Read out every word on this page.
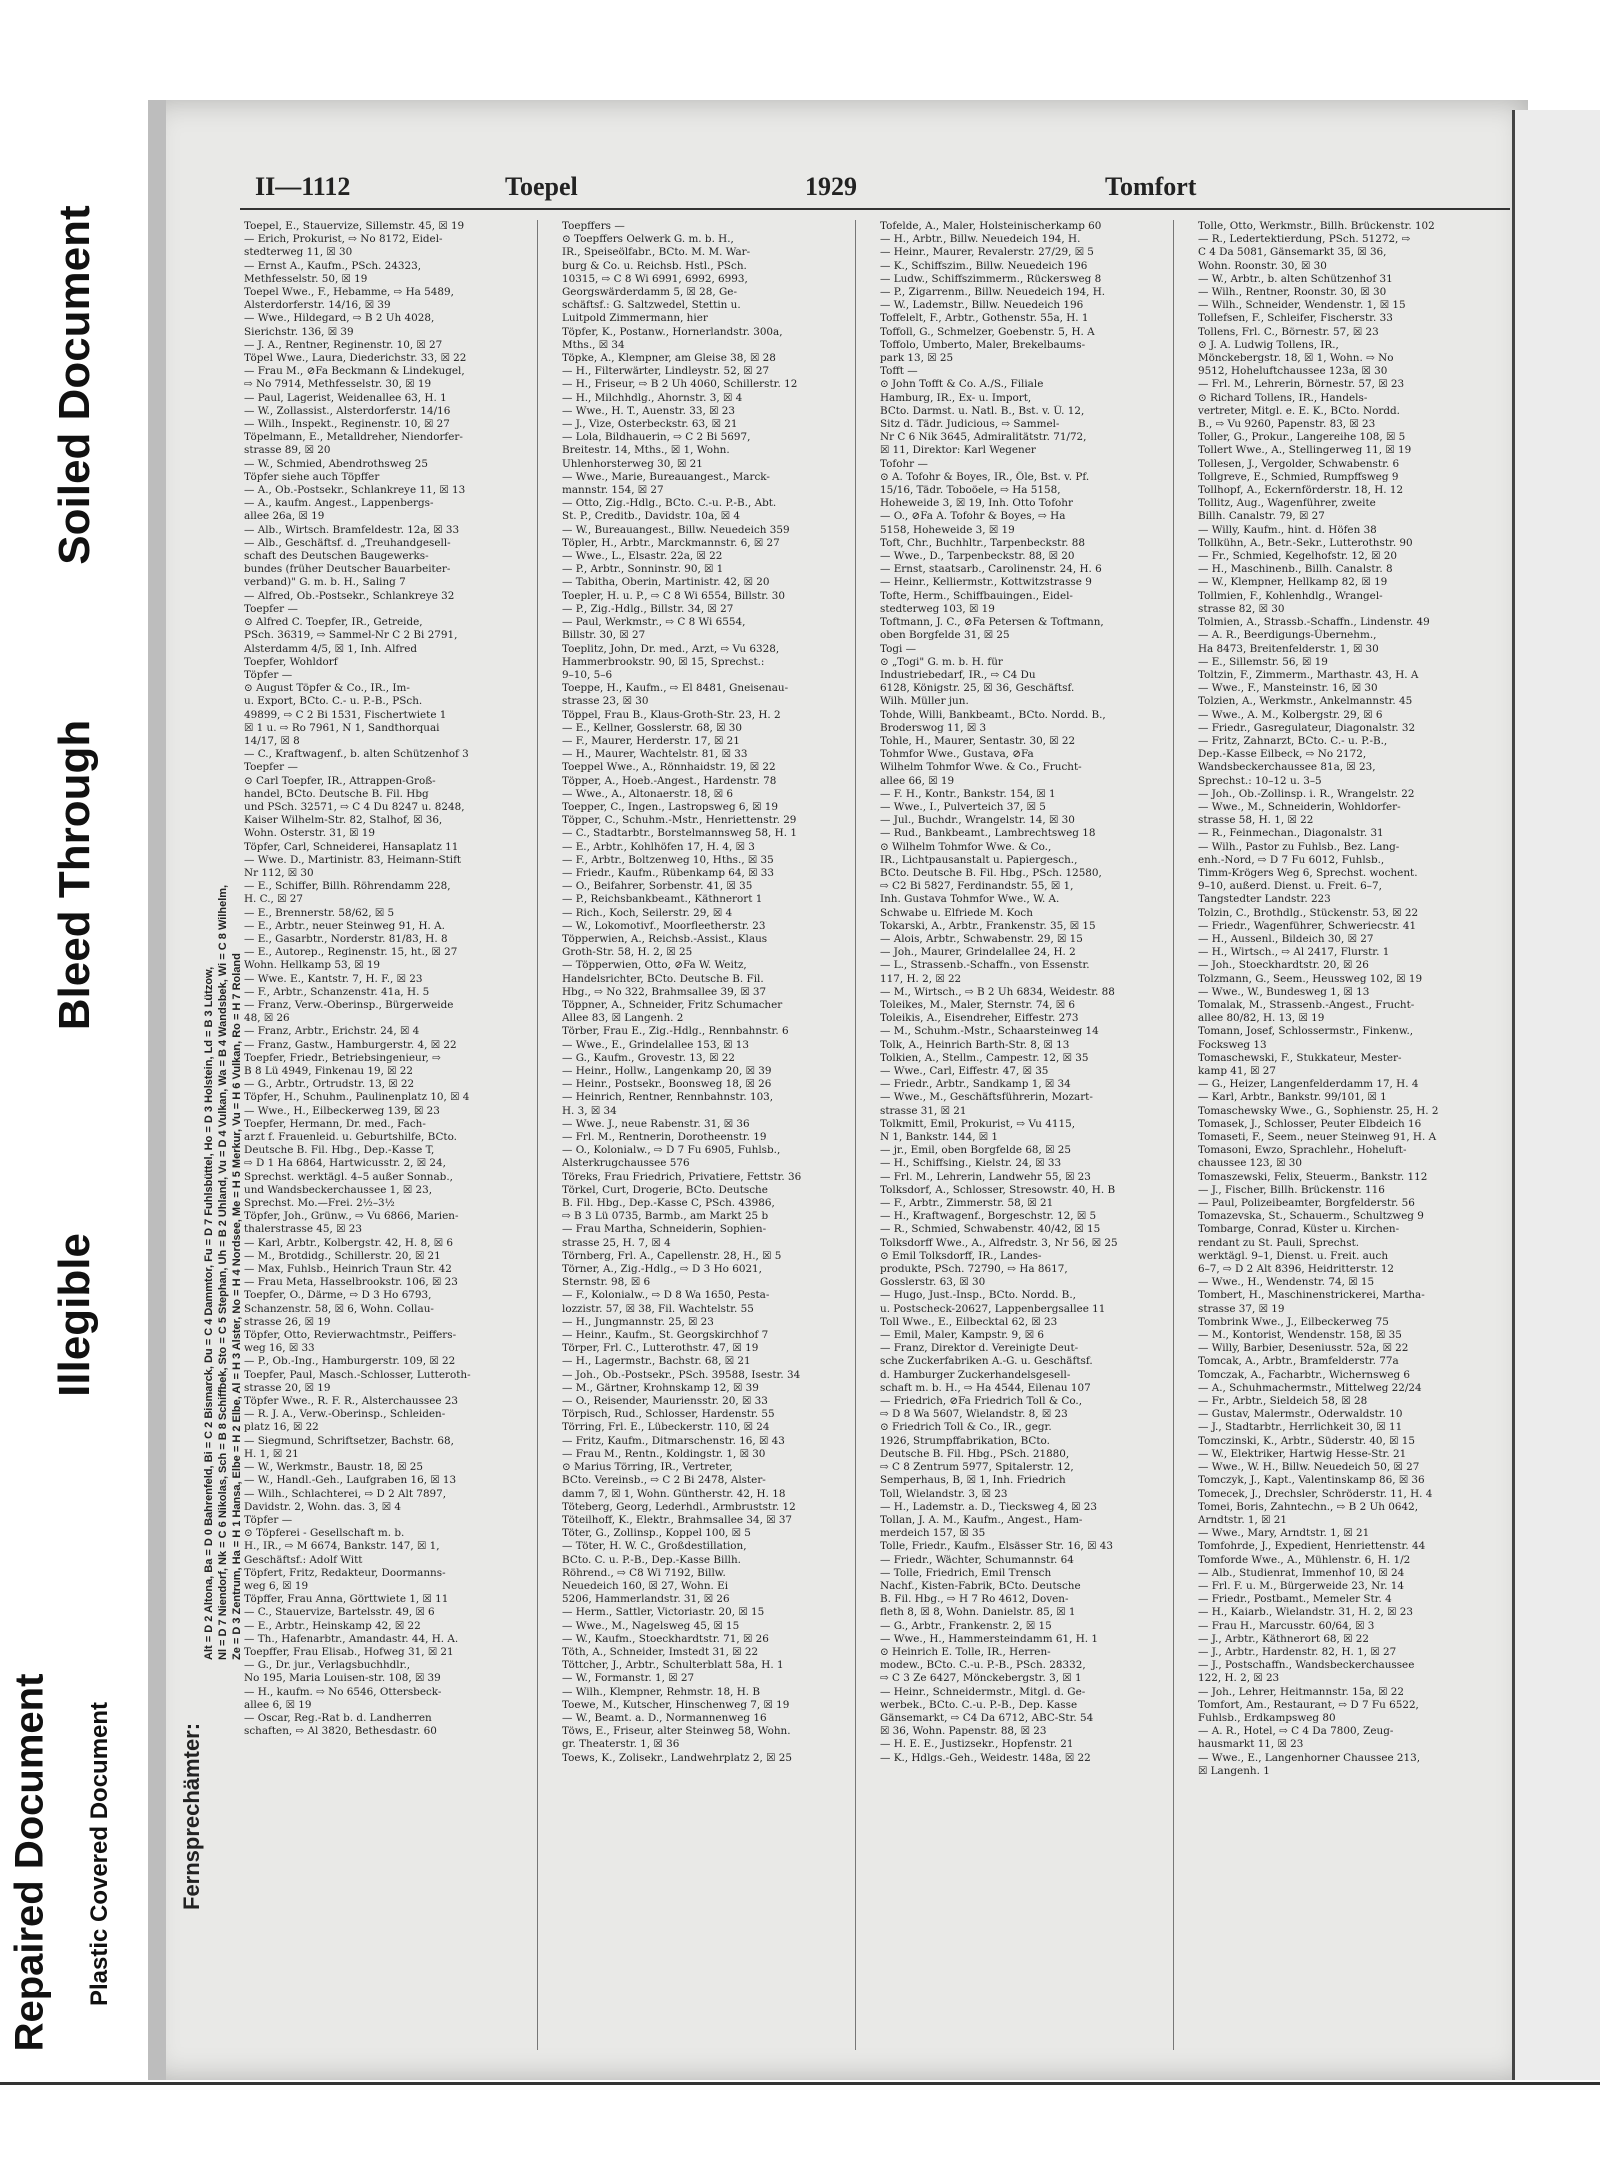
Soiled Document
Bleed Through
Illegible
Repaired Document Plastic Covered Document
II—1112	Toepel	1929	Tomfort
Fernsprechämter:
Alt = D 2 Altona, Ba = D 0 Bahrenfeld, Bi = C 2 Bismarck, Du = C 4 Dammtor, Fu = D 7 Fuhlsbüttel, Ho = D 3 Holstein, Ld = B 3 Lützow, Nl = D 7 Niendorf, Nk = C 6 Nikolas, Sch = B 8 Schiffbek, Sto = C 5 Stephan, Uh = B 2 Uhland, Vu = D 4 Vulkan, Wa = B 4 Wandsbek, Wi = C 8 Wilhelm, Ze = D 3 Zentrum, Ha = H 1 Hansa, Elbe = H 2 Elbe, Al = H 3 Alster, No = H 4 Nordsee, Me = H 5 Merkur, Vu = H 6 Vulkan, Ro = H 7 Roland

Toepel, E., Stauervize, Sillemstr. 45, ☒ 19

— Erich, Prokurist, ⇨ No 8172, Eidel-

stedterweg 11, ☒ 30

— Ernst A., Kaufm., PSch. 24323,

Methfesselstr. 50, ☒ 19

Toepel Wwe., F., Hebamme, ⇨ Ha 5489,

Alsterdorferstr. 14/16, ☒ 39

— Wwe., Hildegard, ⇨ B 2 Uh 4028,

Sierichstr. 136, ☒ 39

— J. A., Rentner, Reginenstr. 10, ☒ 27

Töpel Wwe., Laura, Diederichstr. 33, ☒ 22

— Frau M., ⊘Fa Beckmann & Lindekugel,

⇨ No 7914, Methfesselstr. 30, ☒ 19

— Paul, Lagerist, Weidenallee 63, H. 1

— W., Zollassist., Alsterdorferstr. 14/16

— Wilh., Inspekt., Reginenstr. 10, ☒ 27

Töpelmann, E., Metalldreher, Niendorfer-

strasse 89, ☒ 20

— W., Schmied, Abendrothsweg 25

Töpfer siehe auch Töpffer

— A., Ob.-Postsekr., Schlankreye 11, ☒ 13

— A., kaufm. Angest., Lappenbergs-

allee 26a, ☒ 19

— Alb., Wirtsch. Bramfeldestr. 12a, ☒ 33

— Alb., Geschäftsf. d. „Treuhandgesell-

schaft des Deutschen Baugewerks-

bundes (früher Deutscher Bauarbeiter-

verband)" G. m. b. H., Saling 7

— Alfred, Ob.-Postsekr., Schlankreye 32

Toepfer —

⊙ Alfred C. Toepfer, IR., Getreide,

PSch. 36319, ⇨ Sammel-Nr C 2 Bi 2791,

Alsterdamm 4/5, ☒ 1, Inh. Alfred

Toepfer, Wohldorf

Töpfer —

⊙ August Töpfer & Co., IR., Im-

u. Export, BCto. C.- u. P.-B., PSch.

49899, ⇨ C 2 Bi 1531, Fischertwiete 1

☒ 1 u. ⇨ Ro 7961, N 1, Sandthorquai

14/17, ☒ 8

— C., Kraftwagenf., b. alten Schützenhof 3

Toepfer —

⊙ Carl Toepfer, IR., Attrappen-Groß-

handel, BCto. Deutsche B. Fil. Hbg

und PSch. 32571, ⇨ C 4 Du 8247 u. 8248,

Kaiser Wilhelm-Str. 82, Stalhof, ☒ 36,

Wohn. Osterstr. 31, ☒ 19

Töpfer, Carl, Schneiderei, Hansaplatz 11

— Wwe. D., Martinistr. 83, Heimann-Stift

Nr 112, ☒ 30

— E., Schiffer, Billh. Röhrendamm 228,

H. C., ☒ 27

— E., Brennerstr. 58/62, ☒ 5

— E., Arbtr., neuer Steinweg 91, H. A.

— E., Gasarbtr., Norderstr. 81/83, H. 8

— E., Autorep., Reginenstr. 15, ht., ☒ 27

Wohn. Hellkamp 53, ☒ 19

— Wwe. E., Kantstr. 7, H. F., ☒ 23

— F., Arbtr., Schanzenstr. 41a, H. 5

— Franz, Verw.-Oberinsp., Bürgerweide

48, ☒ 26

— Franz, Arbtr., Erichstr. 24, ☒ 4

— Franz, Gastw., Hamburgerstr. 4, ☒ 22

Toepfer, Friedr., Betriebsingenieur, ⇨

B 8 Lü 4949, Finkenau 19, ☒ 22

— G., Arbtr., Ortrudstr. 13, ☒ 22

Töpfer, H., Schuhm., Paulinenplatz 10, ☒ 4

— Wwe., H., Eilbeckerweg 139, ☒ 23

Toepfer, Hermann, Dr. med., Fach-

arzt f. Frauenleid. u. Geburtshilfe, BCto.

Deutsche B. Fil. Hbg., Dep.-Kasse T,

⇨ D 1 Ha 6864, Hartwicusstr. 2, ☒ 24,

Sprechst. werktägl. 4–5 außer Sonnab.,

und Wandsbeckerchaussee 1, ☒ 23,

Sprechst. Mo.—Frei. 2½–3½

Töpfer, Joh., Grünw., ⇨ Vu 6866, Marien-

thalerstrasse 45, ☒ 23

— Karl, Arbtr., Kolbergstr. 42, H. 8, ☒ 6

— M., Brotdidg., Schillerstr. 20, ☒ 21

— Max, Fuhlsb., Heinrich Traun Str. 42

— Frau Meta, Hasselbrookstr. 106, ☒ 23

Toepfer, O., Därme, ⇨ D 3 Ho 6793,

Schanzenstr. 58, ☒ 6, Wohn. Collau-

strasse 26, ☒ 19

Töpfer, Otto, Revierwachtmstr., Peiffers-

weg 16, ☒ 33

— P., Ob.-Ing., Hamburgerstr. 109, ☒ 22

Toepfer, Paul, Masch.-Schlosser, Lutteroth-

strasse 20, ☒ 19

Töpfer Wwe., R. F. R., Alsterchaussee 23

— R. J. A., Verw.-Oberinsp., Schleiden-

platz 16, ☒ 22

— Siegmund, Schriftsetzer, Bachstr. 68,

H. 1, ☒ 21

— W., Werkmstr., Baustr. 18, ☒ 25

— W., Handl.-Geh., Laufgraben 16, ☒ 13

— Wilh., Schlachterei, ⇨ D 2 Alt 7897,

Davidstr. 2, Wohn. das. 3, ☒ 4

Töpfer —

⊙ Töpferei - Gesellschaft m. b.

H., IR., ⇨ M 6674, Bankstr. 147, ☒ 1,

Geschäftsf.: Adolf Witt

Töpfert, Fritz, Redakteur, Doormanns-

weg 6, ☒ 19

Töpffer, Frau Anna, Görttwiete 1, ☒ 11

— C., Stauervize, Bartelsstr. 49, ☒ 6

— E., Arbtr., Heinskamp 42, ☒ 22

— Th., Hafenarbtr., Amandastr. 44, H. A.

Toepffer, Frau Elisab., Hofweg 31, ☒ 21

— G., Dr. jur., Verlagsbuchhdlr.,

No 195, Maria Louisen-str. 108, ☒ 39

— H., kaufm. ⇨ No 6546, Ottersbeck-

allee 6, ☒ 19

— Oscar, Reg.-Rat b. d. Landherren

schaften, ⇨ Al 3820, Bethesdastr. 60

Toepffers —

⊙ Toepffers Oelwerk G. m. b. H.,

IR., Speiseölfabr., BCto. M. M. War-

burg & Co. u. Reichsb. Hstl., PSch.

10315, ⇨ C 8 Wi 6991, 6992, 6993,

Georgswärderdamm 5, ☒ 28, Ge-

schäftsf.: G. Saltzwedel, Stettin u.

Luitpold Zimmermann, hier

Töpfer, K., Postanw., Hornerlandstr. 300a,

Mths., ☒ 34

Töpke, A., Klempner, am Gleise 38, ☒ 28

— H., Filterwärter, Lindleystr. 52, ☒ 27

— H., Friseur, ⇨ B 2 Uh 4060, Schillerstr. 12

— H., Milchhdlg., Ahornstr. 3, ☒ 4

— Wwe., H. T., Auenstr. 33, ☒ 23

— J., Vize, Osterbeckstr. 63, ☒ 21

— Lola, Bildhauerin, ⇨ C 2 Bi 5697,

Breitestr. 14, Mths., ☒ 1, Wohn.

Uhlenhorsterweg 30, ☒ 21

— Wwe., Marie, Bureauangest., Marck-

mannstr. 154, ☒ 27

— Otto, Zig.-Hdlg., BCto. C.-u. P.-B., Abt.

St. P., Creditb., Davidstr. 10a, ☒ 4

— W., Bureauangest., Billw. Neuedeich 359

Töpler, H., Arbtr., Marckmannstr. 6, ☒ 27

— Wwe., L., Elsastr. 22a, ☒ 22

— P., Arbtr., Sonninstr. 90, ☒ 1

— Tabitha, Oberin, Martinistr. 42, ☒ 20

Toepler, H. u. P., ⇨ C 8 Wi 6554, Billstr. 30

— P., Zig.-Hdlg., Billstr. 34, ☒ 27

— Paul, Werkmstr., ⇨ C 8 Wi 6554,

Billstr. 30, ☒ 27

Toeplitz, John, Dr. med., Arzt, ⇨ Vu 6328,

Hammerbrookstr. 90, ☒ 15, Sprechst.:

9–10, 5–6

Toeppe, H., Kaufm., ⇨ El 8481, Gneisenau-

strasse 23, ☒ 30

Töppel, Frau B., Klaus-Groth-Str. 23, H. 2

— E., Kellner, Gosslerstr. 68, ☒ 30

— F., Maurer, Herderstr. 17, ☒ 21

— H., Maurer, Wachtelstr. 81, ☒ 33

Toeppel Wwe., A., Rönnhaidstr. 19, ☒ 22

Töpper, A., Hoeb.-Angest., Hardenstr. 78

— Wwe., A., Altonaerstr. 18, ☒ 6

Toepper, C., Ingen., Lastropsweg 6, ☒ 19

Töpper, C., Schuhm.-Mstr., Henriettenstr. 29

— C., Stadtarbtr., Borstelmannsweg 58, H. 1

— E., Arbtr., Kohlhöfen 17, H. 4, ☒ 3

— F., Arbtr., Boltzenweg 10, Hths., ☒ 35

— Friedr., Kaufm., Rübenkamp 64, ☒ 33

— O., Beifahrer, Sorbenstr. 41, ☒ 35

— P., Reichsbankbeamt., Käthnerort 1

— Rich., Koch, Seilerstr. 29, ☒ 4

— W., Lokomotivf., Moorfleetherstr. 23

Töpperwien, A., Reichsb.-Assist., Klaus

Groth-Str. 58, H. 2, ☒ 25

— Töpperwien, Otto, ⊘Fa W. Weitz,

Handelsrichter, BCto. Deutsche B. Fil.

Hbg., ⇨ No 322, Brahmsallee 39, ☒ 37

Töppner, A., Schneider, Fritz Schumacher

Allee 83, ☒ Langenh. 2

Törber, Frau E., Zig.-Hdlg., Rennbahnstr. 6

— Wwe., E., Grindelallee 153, ☒ 13

— G., Kaufm., Grovestr. 13, ☒ 22

— Heinr., Hollw., Langenkamp 20, ☒ 39

— Heinr., Postsekr., Boonsweg 18, ☒ 26

— Heinrich, Rentner, Rennbahnstr. 103,

H. 3, ☒ 34

— Wwe. J., neue Rabenstr. 31, ☒ 36

— Frl. M., Rentnerin, Dorotheenstr. 19

— O., Kolonialw., ⇨ D 7 Fu 6905, Fuhlsb.,

Alsterkrugchaussee 576

Töreks, Frau Friedrich, Privatiere, Fettstr. 36

Törkel, Curt, Drogerie, BCto. Deutsche

B. Fil. Hbg., Dep.-Kasse C, PSch. 43986,

⇨ B 3 Lü 0735, Barmb., am Markt 25 b

— Frau Martha, Schneiderin, Sophien-

strasse 25, H. 7, ☒ 4

Törnberg, Frl. A., Capellenstr. 28, H., ☒ 5

Törner, A., Zig.-Hdlg., ⇨ D 3 Ho 6021,

Sternstr. 98, ☒ 6

— F., Kolonialw., ⇨ D 8 Wa 1650, Pesta-

lozzistr. 57, ☒ 38, Fil. Wachtelstr. 55

— H., Jungmannstr. 25, ☒ 23

— Heinr., Kaufm., St. Georgskirchhof 7

Törper, Frl. C., Lutterothstr. 47, ☒ 19

— H., Lagermstr., Bachstr. 68, ☒ 21

— Joh., Ob.-Postsekr., PSch. 39588, Isestr. 34

— M., Gärtner, Krohnskamp 12, ☒ 39

— O., Reisender, Mauriensstr. 20, ☒ 33

Törpisch, Rud., Schlosser, Hardenstr. 55

Törring, Frl. E., Lübeckerstr. 110, ☒ 24

— Fritz, Kaufm., Ditmarschenstr. 16, ☒ 43

— Frau M., Rentn., Koldingstr. 1, ☒ 30

⊙ Marius Törring, IR., Vertreter,

BCto. Vereinsb., ⇨ C 2 Bi 2478, Alster-

damm 7, ☒ 1, Wohn. Güntherstr. 42, H. 18

Töteberg, Georg, Lederhdl., Armbruststr. 12

Töteilhoff, K., Elektr., Brahmsallee 34, ☒ 37

Töter, G., Zollinsp., Koppel 100, ☒ 5

— Töter, H. W. C., Großdestillation,

BCto. C. u. P.-B., Dep.-Kasse Billh.

Röhrend., ⇨ C8 Wi 7192, Billw.

Neuedeich 160, ☒ 27, Wohn. Ei

5206, Hammerlandstr. 31, ☒ 26

— Herm., Sattler, Victoriastr. 20, ☒ 15

— Wwe., M., Nagelsweg 45, ☒ 15

— W., Kaufm., Stoeckhardtstr. 71, ☒ 26

Töth, A., Schneider, Imstedt 31, ☒ 22

Töttcher, J., Arbtr., Schulterblatt 58a, H. 1

— W., Formanstr. 1, ☒ 27

— Wilh., Klempner, Rehmstr. 18, H. B

Toewe, M., Kutscher, Hinschenweg 7, ☒ 19

— W., Beamt. a. D., Normannenweg 16

Töws, E., Friseur, alter Steinweg 58, Wohn.

gr. Theaterstr. 1, ☒ 36

Toews, K., Zolisekr., Landwehrplatz 2, ☒ 25

Tofelde, A., Maler, Holsteinischerkamp 60

— H., Arbtr., Billw. Neuedeich 194, H.

— Heinr., Maurer, Revalerstr. 27/29, ☒ 5

— K., Schiffszim., Billw. Neuedeich 196

— Ludw., Schiffszimmerm., Rückersweg 8

— P., Zigarrenm., Billw. Neuedeich 194, H.

— W., Lademstr., Billw. Neuedeich 196

Toffelelt, F., Arbtr., Gothenstr. 55a, H. 1

Toffoll, G., Schmelzer, Goebenstr. 5, H. A

Toffolo, Umberto, Maler, Brekelbaums-

park 13, ☒ 25

Tofft —

⊙ John Tofft & Co. A./S., Filiale

Hamburg, IR., Ex- u. Import,

BCto. Darmst. u. Natl. B., Bst. v. Ü. 12,

Sitz d. Tädr. Judicious, ⇨ Sammel-

Nr C 6 Nik 3645, Admiralitätstr. 71/72,

☒ 11, Direktor: Karl Wegener

Tofohr —

⊙ A. Tofohr & Boyes, IR., Öle, Bst. v. Pf.

15/16, Tädr. Toboöele, ⇨ Ha 5158,

Hoheweide 3, ☒ 19, Inh. Otto Tofohr

— O., ⊘Fa A. Tofohr & Boyes, ⇨ Ha

5158, Hoheweide 3, ☒ 19

Toft, Chr., Buchhltr., Tarpenbeckstr. 88

— Wwe., D., Tarpenbeckstr. 88, ☒ 20

— Ernst, staatsarb., Carolinenstr. 24, H. 6

— Heinr., Kelliermstr., Kottwitzstrasse 9

Tofte, Herm., Schiffbauingen., Eidel-

stedterweg 103, ☒ 19

Toftmann, J. C., ⊘Fa Petersen & Toftmann,

oben Borgfelde 31, ☒ 25

Togi —

⊙ „Togi" G. m. b. H. für

Industriebedarf, IR., ⇨ C4 Du

6128, Königstr. 25, ☒ 36, Geschäftsf.

Wilh. Müller jun.

Tohde, Willi, Bankbeamt., BCto. Nordd. B.,

Broderswog 11, ☒ 3

Tohle, H., Maurer, Sentastr. 30, ☒ 22

Tohmfor Wwe., Gustava, ⊘Fa

Wilhelm Tohmfor Wwe. & Co., Frucht-

allee 66, ☒ 19

— F. H., Kontr., Bankstr. 154, ☒ 1

— Wwe., I., Pulverteich 37, ☒ 5

— Jul., Buchdr., Wrangelstr. 14, ☒ 30

— Rud., Bankbeamt., Lambrechtsweg 18

⊙ Wilhelm Tohmfor Wwe. & Co.,

IR., Lichtpausanstalt u. Papiergesch.,

BCto. Deutsche B. Fil. Hbg., PSch. 12580,

⇨ C2 Bi 5827, Ferdinandstr. 55, ☒ 1,

Inh. Gustava Tohmfor Wwe., W. A.

Schwabe u. Elfriede M. Koch

Tokarski, A., Arbtr., Frankenstr. 35, ☒ 15

— Alois, Arbtr., Schwabenstr. 29, ☒ 15

— Joh., Maurer, Grindelallee 24, H. 2

— L., Strassenb.-Schaffn., von Essenstr.

117, H. 2, ☒ 22

— M., Wirtsch., ⇨ B 2 Uh 6834, Weidestr. 88

Toleikes, M., Maler, Sternstr. 74, ☒ 6

Toleikis, A., Eisendreher, Eiffestr. 273

— M., Schuhm.-Mstr., Schaarsteinweg 14

Tolk, A., Heinrich Barth-Str. 8, ☒ 13

Tolkien, A., Stellm., Campestr. 12, ☒ 35

— Wwe., Carl, Eiffestr. 47, ☒ 35

— Friedr., Arbtr., Sandkamp 1, ☒ 34

— Wwe., M., Geschäftsführerin, Mozart-

strasse 31, ☒ 21

Tolkmitt, Emil, Prokurist, ⇨ Vu 4115,

N 1, Bankstr. 144, ☒ 1

— jr., Emil, oben Borgfelde 68, ☒ 25

— H., Schiffsing., Kielstr. 24, ☒ 33

— Frl. M., Lehrerin, Landwehr 55, ☒ 23

Tolksdorf, A., Schlosser, Stresowstr. 40, H. B

— F., Arbtr., Zimmerstr. 58, ☒ 21

— H., Kraftwagenf., Borgeschstr. 12, ☒ 5

— R., Schmied, Schwabenstr. 40/42, ☒ 15

Tolksdorff Wwe., A., Alfredstr. 3, Nr 56, ☒ 25

⊙ Emil Tolksdorff, IR., Landes-

produkte, PSch. 72790, ⇨ Ha 8617,

Gosslerstr. 63, ☒ 30

— Hugo, Just.-Insp., BCto. Nordd. B.,

u. Postscheck-20627, Lappenbergsallee 11

Toll Wwe., E., Eilbecktal 62, ☒ 23

— Emil, Maler, Kampstr. 9, ☒ 6

— Franz, Direktor d. Vereinigte Deut-

sche Zuckerfabriken A.-G. u. Geschäftsf.

d. Hamburger Zuckerhandelsgesell-

schaft m. b. H., ⇨ Ha 4544, Eilenau 107

— Friedrich, ⊘Fa Friedrich Toll & Co.,

⇨ D 8 Wa 5607, Wielandstr. 8, ☒ 23

⊙ Friedrich Toll & Co., IR., gegr.

1926, Strumpffabrikation, BCto.

Deutsche B. Fil. Hbg., PSch. 21880,

⇨ C 8 Zentrum 5977, Spitalerstr. 12,

Semperhaus, B, ☒ 1, Inh. Friedrich

Toll, Wielandstr. 3, ☒ 23

— H., Lademstr. a. D., Tiecksweg 4, ☒ 23

Tollan, J. A. M., Kaufm., Angest., Ham-

merdeich 157, ☒ 35

Tolle, Friedr., Kaufm., Elsässer Str. 16, ☒ 43

— Friedr., Wächter, Schumannstr. 64

— Tolle, Friedrich, Emil Trensch

Nachf., Kisten-Fabrik, BCto. Deutsche

B. Fil. Hbg., ⇨ H 7 Ro 4612, Doven-

fleth 8, ☒ 8, Wohn. Danielstr. 85, ☒ 1

— G., Arbtr., Frankenstr. 2, ☒ 15

— Wwe., H., Hammersteindamm 61, H. 1

⊙ Heinrich E. Tolle, IR., Herren-

modew., BCto. C.-u. P.-B., PSch. 28332,

⇨ C 3 Ze 6427, Mönckebergstr. 3, ☒ 1

— Heinr., Schneidermstr., Mitgl. d. Ge-

werbek., BCto. C.-u. P.-B., Dep. Kasse

Gänsemarkt, ⇨ C4 Da 6712, ABC-Str. 54

☒ 36, Wohn. Papenstr. 88, ☒ 23

— H. E. E., Justizsekr., Hopfenstr. 21

— K., Hdlgs.-Geh., Weidestr. 148a, ☒ 22

Tolle, Otto, Werkmstr., Billh. Brückenstr. 102

— R., Ledertektierdung, PSch. 51272, ⇨

C 4 Da 5081, Gänsemarkt 35, ☒ 36,

Wohn. Roonstr. 30, ☒ 30

— W., Arbtr., b. alten Schützenhof 31

— Wilh., Rentner, Roonstr. 30, ☒ 30

— Wilh., Schneider, Wendenstr. 1, ☒ 15

Tollefsen, F., Schleifer, Fischerstr. 33

Tollens, Frl. C., Börnestr. 57, ☒ 23

⊙ J. A. Ludwig Tollens, IR.,

Mönckebergstr. 18, ☒ 1, Wohn. ⇨ No

9512, Hoheluftchaussee 123a, ☒ 30

— Frl. M., Lehrerin, Börnestr. 57, ☒ 23

⊙ Richard Tollens, IR., Handels-

vertreter, Mitgl. e. E. K., BCto. Nordd.

B., ⇨ Vu 9260, Papenstr. 83, ☒ 23

Toller, G., Prokur., Langereihe 108, ☒ 5

Tollert Wwe., A., Stellingerweg 11, ☒ 19

Tollesen, J., Vergolder, Schwabenstr. 6

Tollgreve, E., Schmied, Rumpffsweg 9

Tollhopf, A., Eckernförderstr. 18, H. 12

Tollitz, Aug., Wagenführer, zweite

Billh. Canalstr. 79, ☒ 27

— Willy, Kaufm., hint. d. Höfen 38

Tollkühn, A., Betr.-Sekr., Lutterothstr. 90

— Fr., Schmied, Kegelhofstr. 12, ☒ 20

— H., Maschinenb., Billh. Canalstr. 8

— W., Klempner, Hellkamp 82, ☒ 19

Tollmien, F., Kohlenhdlg., Wrangel-

strasse 82, ☒ 30

Tolmien, A., Strassb.-Schaffn., Lindenstr. 49

— A. R., Beerdigungs-Übernehm.,

Ha 8473, Breitenfelderstr. 1, ☒ 30

— E., Sillemstr. 56, ☒ 19

Toltzin, F., Zimmerm., Marthastr. 43, H. A

— Wwe., F., Mansteinstr. 16, ☒ 30

Tolzien, A., Werkmstr., Ankelmannstr. 45

— Wwe., A. M., Kolbergstr. 29, ☒ 6

— Friedr., Gasregulateur, Diagonalstr. 32

— Fritz, Zahnarzt, BCto. C.- u. P.-B.,

Dep.-Kasse Eilbeck, ⇨ No 2172,

Wandsbeckerchaussee 81a, ☒ 23,

Sprechst.: 10–12 u. 3–5

— Joh., Ob.-Zollinsp. i. R., Wrangelstr. 22

— Wwe., M., Schneiderin, Wohldorfer-

strasse 58, H. 1, ☒ 22

— R., Feinmechan., Diagonalstr. 31

— Wilh., Pastor zu Fuhlsb., Bez. Lang-

enh.-Nord, ⇨ D 7 Fu 6012, Fuhlsb.,

Timm-Krögers Weg 6, Sprechst. wochent.

9–10, außerd. Dienst. u. Freit. 6–7,

Tangstedter Landstr. 223

Tolzin, C., Brothdlg., Stückenstr. 53, ☒ 22

— Friedr., Wagenführer, Schweriecstr. 41

— H., Aussenl., Bildeich 30, ☒ 27

— H., Wirtsch., ⇨ Al 2417, Flurstr. 1

— Joh., Stoeckhardtstr. 20, ☒ 26

Tolzmann, G., Seem., Heussweg 102, ☒ 19

— Wwe., W., Bundesweg 1, ☒ 13

Tomalak, M., Strassenb.-Angest., Frucht-

allee 80/82, H. 13, ☒ 19

Tomann, Josef, Schlossermstr., Finkenw.,

Focksweg 13

Tomaschewski, F., Stukkateur, Mester-

kamp 41, ☒ 27

— G., Heizer, Langenfelderdamm 17, H. 4

— Karl, Arbtr., Bankstr. 99/101, ☒ 1

Tomaschewsky Wwe., G., Sophienstr. 25, H. 2

Tomasek, J., Schlosser, Peuter Elbdeich 16

Tomaseti, F., Seem., neuer Steinweg 91, H. A

Tomasoni, Ewzo, Sprachlehr., Hoheluft-

chaussee 123, ☒ 30

Tomaszewski, Felix, Steuerm., Bankstr. 112

— J., Fischer, Billh. Brückenstr. 116

— Paul, Polizeibeamter, Borgfelderstr. 56

Tomazevska, St., Schauerm., Schultzweg 9

Tombarge, Conrad, Küster u. Kirchen-

rendant zu St. Pauli, Sprechst.

werktägl. 9–1, Dienst. u. Freit. auch

6–7, ⇨ D 2 Alt 8396, Heidritterstr. 12

— Wwe., H., Wendenstr. 74, ☒ 15

Tombert, H., Maschinenstrickerei, Martha-

strasse 37, ☒ 19

Tombrink Wwe., J., Eilbeckerweg 75

— M., Kontorist, Wendenstr. 158, ☒ 35

— Willy, Barbier, Deseniusstr. 52a, ☒ 22

Tomcak, A., Arbtr., Bramfelderstr. 77a

Tomczak, A., Facharbtr., Wichernsweg 6

— A., Schuhmachermstr., Mittelweg 22/24

— Fr., Arbtr., Sieldeich 58, ☒ 28

— Gustav, Malermstr., Oderwaldstr. 10

— J., Stadtarbtr., Herrlichkeit 30, ☒ 11

Tomczinski, K., Arbtr., Süderstr. 40, ☒ 15

— W., Elektriker, Hartwig Hesse-Str. 21

— Wwe., W. H., Billw. Neuedeich 50, ☒ 27

Tomczyk, J., Kapt., Valentinskamp 86, ☒ 36

Tomecek, J., Drechsler, Schröderstr. 11, H. 4

Tomei, Boris, Zahntechn., ⇨ B 2 Uh 0642,

Arndtstr. 1, ☒ 21

— Wwe., Mary, Arndtstr. 1, ☒ 21

Tomfohrde, J., Expedient, Henriettenstr. 44

Tomforde Wwe., A., Mühlenstr. 6, H. 1/2

— Alb., Studienrat, Immenhof 10, ☒ 24

— Frl. F. u. M., Bürgerweide 23, Nr. 14

— Friedr., Postbamt., Memeler Str. 4

— H., Kaiarb., Wielandstr. 31, H. 2, ☒ 23

— Frau H., Marcusstr. 60/64, ☒ 3

— J., Arbtr., Käthnerort 68, ☒ 22

— J., Arbtr., Hardenstr. 82, H. 1, ☒ 27

— J., Postschaffn., Wandsbeckerchaussee

122, H. 2, ☒ 23

— Joh., Lehrer, Heitmannstr. 15a, ☒ 22

Tomfort, Am., Restaurant, ⇨ D 7 Fu 6522,

Fuhlsb., Erdkampsweg 80

— A. R., Hotel, ⇨ C 4 Da 7800, Zeug-

hausmarkt 11, ☒ 23

— Wwe., E., Langenhorner Chaussee 213,

☒ Langenh. 1
